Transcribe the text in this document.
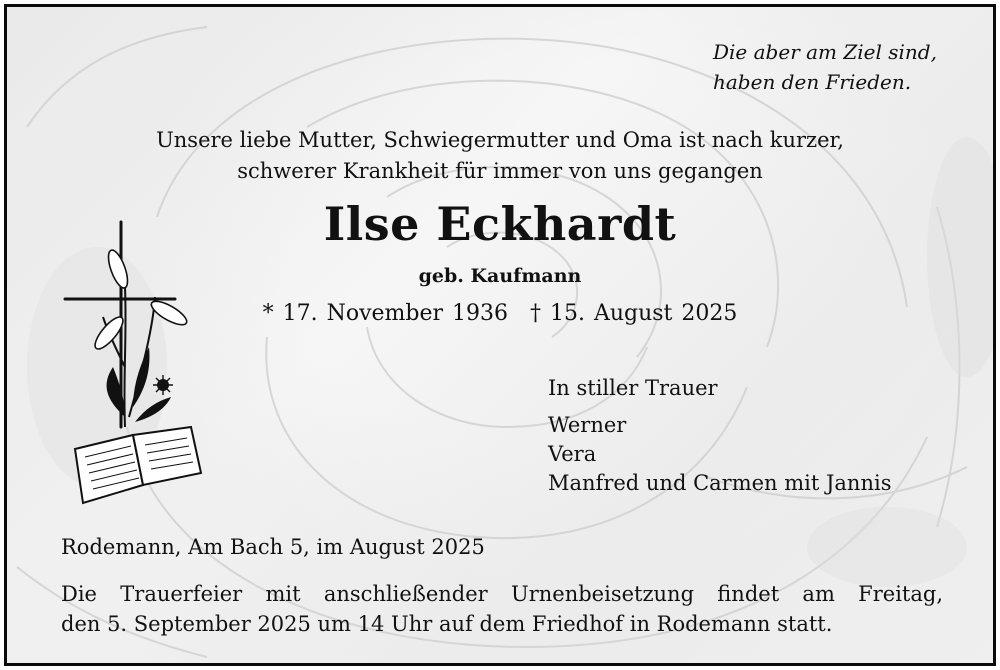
Die aber am Ziel sind,
haben den Frieden.
Unsere liebe Mutter, Schwiegermutter und Oma ist nach kurzer,
schwerer Krankheit für immer von uns gegangen
Ilse Eckhardt
geb. Kaufmann
* 17. November 1936 † 15. August 2025
In stiller Trauer
Werner
Vera
Manfred und Carmen mit Jannis
Rodemann, Am Bach 5, im August 2025
Die Trauerfeier mit anschließender Urnenbeisetzung findet am Freitag,
den 5. September 2025 um 14 Uhr auf dem Friedhof in Rodemann statt.
